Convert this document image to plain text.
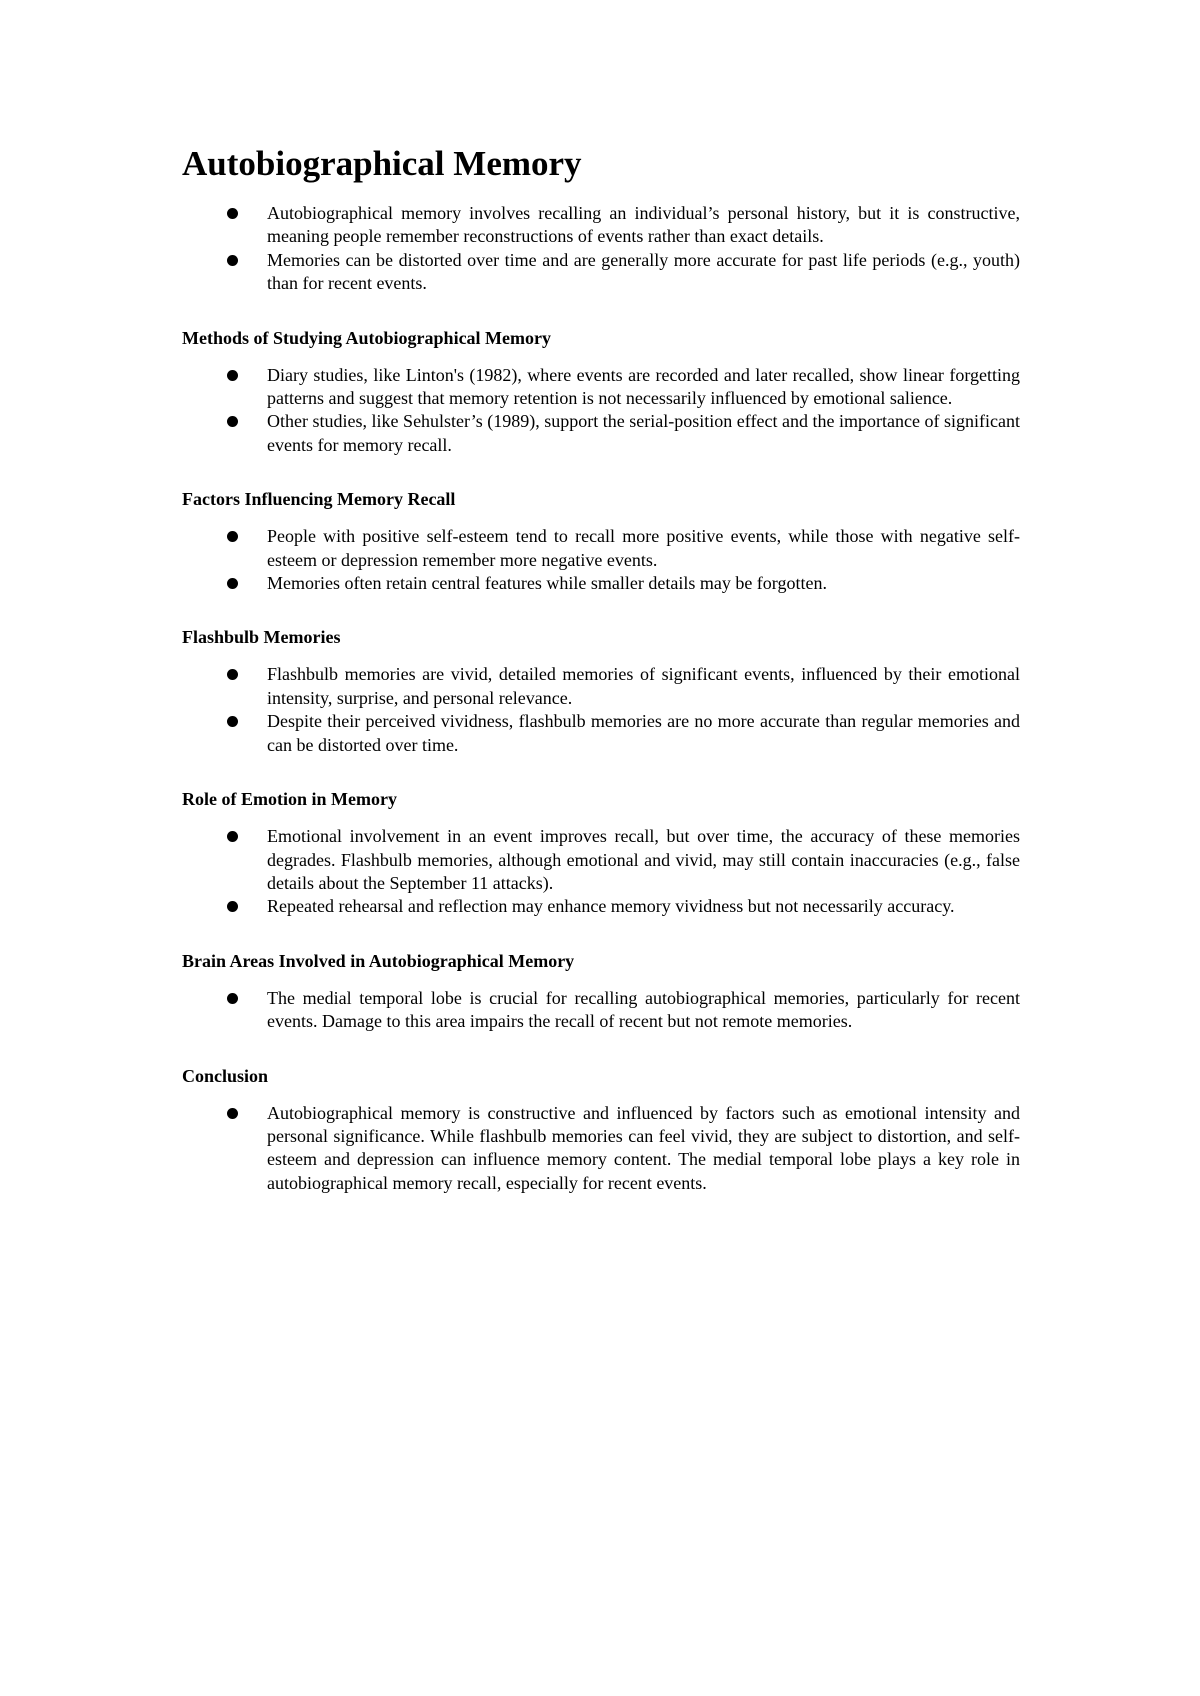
Autobiographical Memory
Autobiographical memory involves recalling an individual’s personal history, but it is constructive, meaning people remember reconstructions of events rather than exact details.
Memories can be distorted over time and are generally more accurate for past life periods (e.g., youth) than for recent events.
Methods of Studying Autobiographical Memory
Diary studies, like Linton's (1982), where events are recorded and later recalled, show linear forgetting patterns and suggest that memory retention is not necessarily influenced by emotional salience.
Other studies, like Sehulster’s (1989), support the serial-position effect and the importance of significant events for memory recall.
Factors Influencing Memory Recall
People with positive self-esteem tend to recall more positive events, while those with negative self-esteem or depression remember more negative events.
Memories often retain central features while smaller details may be forgotten.
Flashbulb Memories
Flashbulb memories are vivid, detailed memories of significant events, influenced by their emotional intensity, surprise, and personal relevance.
Despite their perceived vividness, flashbulb memories are no more accurate than regular memories and can be distorted over time.
Role of Emotion in Memory
Emotional involvement in an event improves recall, but over time, the accuracy of these memories degrades. Flashbulb memories, although emotional and vivid, may still contain inaccuracies (e.g., false details about the September 11 attacks).
Repeated rehearsal and reflection may enhance memory vividness but not necessarily accuracy.
Brain Areas Involved in Autobiographical Memory
The medial temporal lobe is crucial for recalling autobiographical memories, particularly for recent events. Damage to this area impairs the recall of recent but not remote memories.
Conclusion
Autobiographical memory is constructive and influenced by factors such as emotional intensity and personal significance. While flashbulb memories can feel vivid, they are subject to distortion, and self-esteem and depression can influence memory content. The medial temporal lobe plays a key role in autobiographical memory recall, especially for recent events.
